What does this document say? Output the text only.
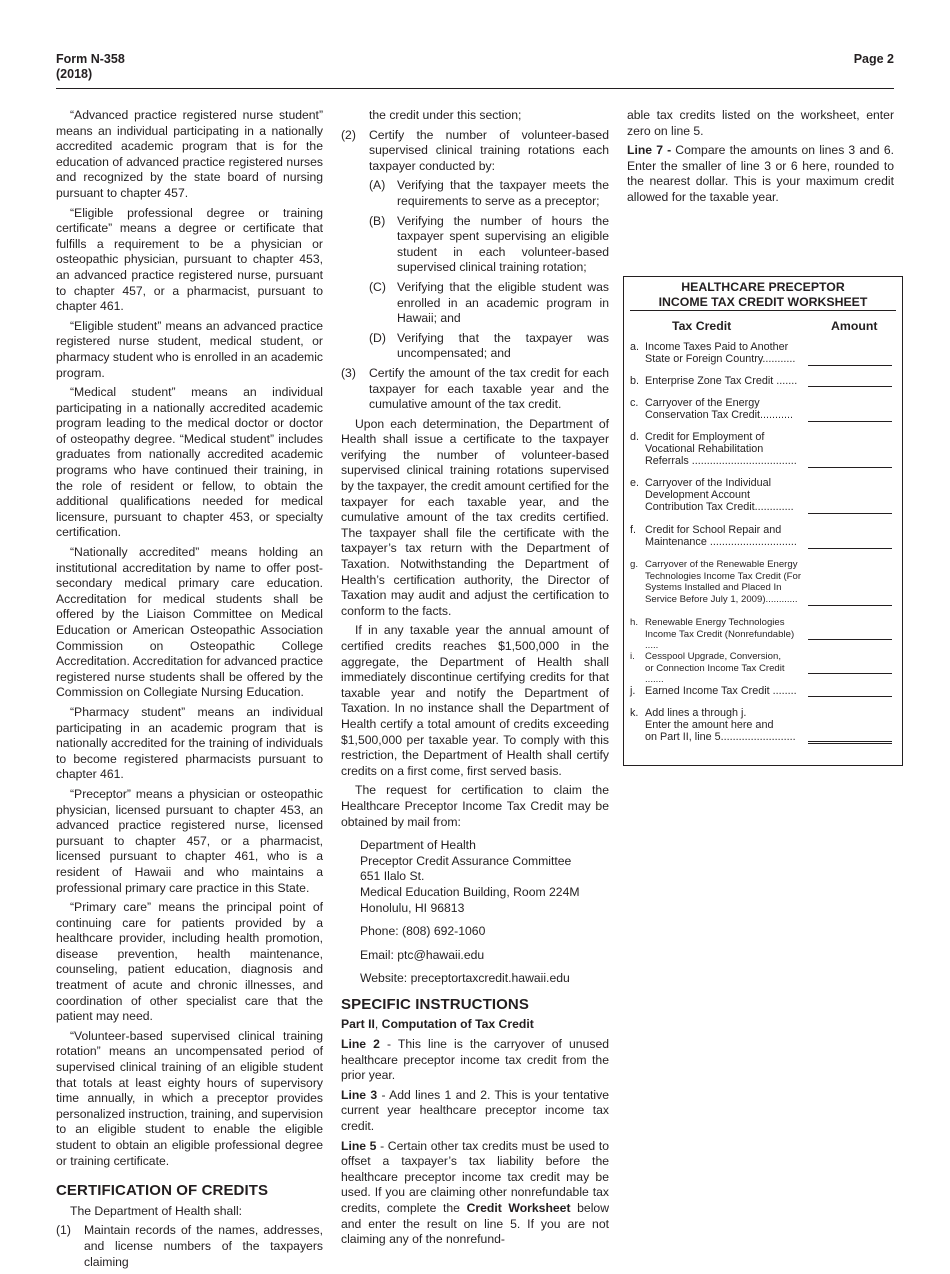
Form N-358
(2018)
Page 2

“Advanced practice registered nurse student” means an individual participating in a nationally accredited academic program that is for the education of advanced practice registered nurses and recognized by the state board of nursing pursuant to chapter 457.

“Eligible professional degree or training certificate” means a degree or certificate that fulfills a requirement to be a physician or osteopathic physician, pursuant to chapter 453, an advanced practice registered nurse, pursuant to chapter 457, or a pharmacist, pursuant to chapter 461.

“Eligible student” means an advanced practice registered nurse student, medical student, or pharmacy student who is enrolled in an academic program.

“Medical student” means an individual participating in a nationally accredited academic program leading to the medical doctor or doctor of osteopathy degree. “Medical student” includes graduates from nationally accredited academic programs who have continued their training, in the role of resident or fellow, to obtain the additional qualifications needed for medical licensure, pursuant to chapter 453, or specialty certification.

“Nationally accredited” means holding an institutional accreditation by name to offer post-secondary medical primary care education. Accreditation for medical students shall be offered by the Liaison Committee on Medical Education or American Osteopathic Association Commission on Osteopathic College Accreditation. Accreditation for advanced practice registered nurse students shall be offered by the Commission on Collegiate Nursing Education.

“Pharmacy student” means an individual participating in an academic program that is nationally accredited for the training of individuals to become registered pharmacists pursuant to chapter 461.

“Preceptor” means a physician or osteopathic physician, licensed pursuant to chapter 453, an advanced practice registered nurse, licensed pursuant to chapter 457, or a pharmacist, licensed pursuant to chapter 461, who is a resident of Hawaii and who maintains a professional primary care practice in this State.

“Primary care” means the principal point of continuing care for patients provided by a healthcare provider, including health promotion, disease prevention, health maintenance, counseling, patient education, diagnosis and treatment of acute and chronic illnesses, and coordination of other specialist care that the patient may need.

“Volunteer-based supervised clinical training rotation” means an uncompensated period of supervised clinical training of an eligible student that totals at least eighty hours of supervisory time annually, in which a preceptor provides personalized instruction, training, and supervision to an eligible student to enable the eligible student to obtain an eligible professional degree or training certificate.

CERTIFICATION OF CREDITS

The Department of Health shall:

(1)	Maintain records of the names, addresses, and license numbers of the taxpayers claiming
the credit under this section;
(2)	Certify the number of volunteer-based supervised clinical training rotations each taxpayer conducted by:
(A) Verifying that the taxpayer meets the requirements to serve as a preceptor;
(B) Verifying the number of hours the taxpayer spent supervising an eligible student in each volunteer-based supervised clinical training rotation;
(C) Verifying that the eligible student was enrolled in an academic program in Hawaii; and
(D) Verifying that the taxpayer was uncompensated; and
(3)	Certify the amount of the tax credit for each taxpayer for each taxable year and the cumulative amount of the tax credit.

Upon each determination, the Department of Health shall issue a certificate to the taxpayer verifying the number of volunteer-based supervised clinical training rotations supervised by the taxpayer, the credit amount certified for the taxpayer for each taxable year, and the cumulative amount of the tax credits certified. The taxpayer shall file the certificate with the taxpayer’s tax return with the Department of Taxation. Notwithstanding the Department of Health’s certification authority, the Director of Taxation may audit and adjust the certification to conform to the facts.

If in any taxable year the annual amount of certified credits reaches $1,500,000 in the aggregate, the Department of Health shall immediately discontinue certifying credits for that taxable year and notify the Department of Taxation. In no instance shall the Department of Health certify a total amount of credits exceeding $1,500,000 per taxable year. To comply with this restriction, the Department of Health shall certify credits on a first come, first served basis.

The request for certification to claim the Healthcare Preceptor Income Tax Credit may be obtained by mail from:

Department of Health
Preceptor Credit Assurance Committee
651 Ilalo St.
Medical Education Building, Room 224M
Honolulu, HI 96813
Phone: (808) 692-1060
Email: ptc@hawaii.edu
Website: preceptortaxcredit.hawaii.edu
SPECIFIC INSTRUCTIONS

Part II, Computation of Tax Credit

Line 2 - This line is the carryover of unused healthcare preceptor income tax credit from the prior year.

Line 3 - Add lines 1 and 2. This is your tentative current year healthcare preceptor income tax credit.

Line 5 - Certain other tax credits must be used to offset a taxpayer’s tax liability before the healthcare preceptor income tax credit may be used. If you are claiming other nonrefundable tax credits, complete the Credit Worksheet below and enter the result on line 5. If you are not claiming any of the nonrefund-

able tax credits listed on the worksheet, enter zero on line 5.

Line 7 - Compare the amounts on lines 3 and 6. Enter the smaller of line 3 or 6 here, rounded to the nearest dollar. This is your maximum credit allowed for the taxable year.

HEALTHCARE PRECEPTOR
INCOME TAX CREDIT WORKSHEET
Tax Credit	Amount
a. Income Taxes Paid to Another
State or Foreign Country...........
b. Enterprise Zone Tax Credit .......
c. Carryover of the Energy
Conservation Tax Credit...........
d. Credit for Employment of
Vocational Rehabilitation
Referrals ...................................
e. Carryover of the Individual
Development Account
Contribution Tax Credit.............
f. Credit for School Repair and
Maintenance .............................
g. Carryover of the Renewable Energy
Technologies Income Tax Credit (For
Systems Installed and Placed In
Service Before July 1, 2009)............
h. Renewable Energy Technologies
Income Tax Credit (Nonrefundable) .....
i. Cesspool Upgrade, Conversion,
or Connection Income Tax Credit .......
j. Earned Income Tax Credit ........
k. Add lines a through j.
Enter the amount here and
on Part II, line 5.........................
